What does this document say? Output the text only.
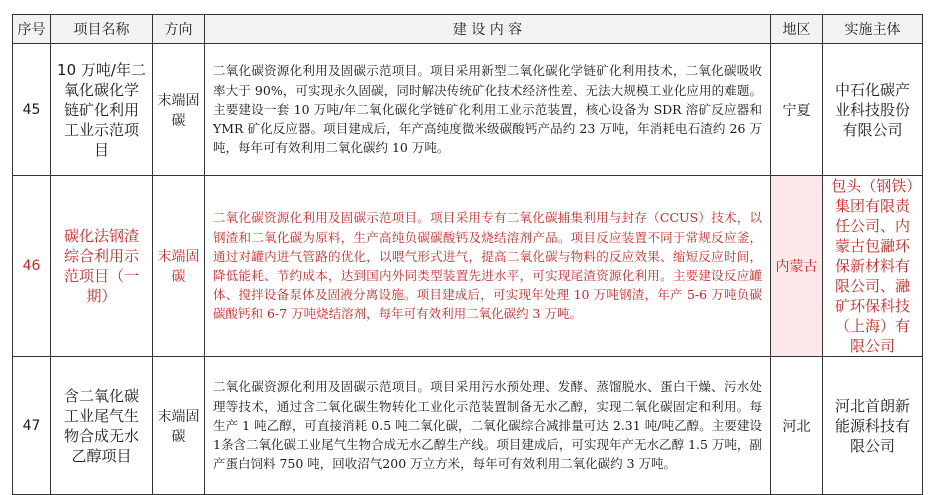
序号	项目名称	方向	建 设 内 容	地区	实施主体
45	10 万吨/年二氧化碳化学链矿化利用工业示范项目	末端固碳	二氧化碳资源化利用及固碳示范项目。项目采用新型二氧化碳化学链矿化利用技术，二氧化碳吸收率大于 90%，可实现永久固碳，同时解决传统矿化技术经济性差、无法大规模工业化应用的难题。主要建设一套 10 万吨/年二氧化碳化学链矿化利用工业示范装置，核心设备为 SDR 溶矿反应器和 YMR 矿化反应器。项目建成后，年产高纯度微米级碳酸钙产品约 23 万吨，年消耗电石渣约 26 万吨，每年可有效利用二氧化碳约 10 万吨。	宁夏	中石化碳产业科技股份有限公司
46	碳化法钢渣综合利用示范项目（一期）	末端固碳	二氧化碳资源化利用及固碳示范项目。项目采用专有二氧化碳捕集利用与封存（CCUS）技术，以钢渣和二氧化碳为原料，生产高纯负碳碳酸钙及烧结溶剂产品。项目反应装置不同于常规反应釜，通过对罐内进气管路的优化，以喂气形式进气，提高二氧化碳与物料的反应效果、缩短反应时间，降低能耗、节约成本，达到国内外同类型装置先进水平，可实现尾渣资源化利用。主要建设反应罐体、搅拌设备泵体及固液分离设施。项目建成后，可实现年处理 10 万吨钢渣，年产 5-6 万吨负碳碳酸钙和 6-7 万吨烧结溶剂，每年可有效利用二氧化碳约 3 万吨。	内蒙古	包头（钢铁）集团有限责任公司、内蒙古包瀜环保新材料有限公司、瀜矿环保科技（上海）有限公司
47	含二氧化碳工业尾气生物合成无水乙醇项目	末端固碳	二氧化碳资源化利用及固碳示范项目。项目采用污水预处理、发酵、蒸馏脱水、蛋白干燥、污水处理等技术，通过含二氧化碳生物转化工业化示范装置制备无水乙醇，实现二氧化碳固定和利用。每生产 1 吨乙醇，可直接消耗 0.5 吨二氧化碳，二氧化碳综合减排量可达 2.31 吨/吨乙醇。主要建设 1条含二氧化碳工业尾气生物合成无水乙醇生产线。项目建成后，可实现年产无水乙醇 1.5 万吨，副产蛋白饲料 750 吨，回收沼气200 万立方米，每年可有效利用二氧化碳约 3 万吨。	河北	河北首朗新能源科技有限公司
